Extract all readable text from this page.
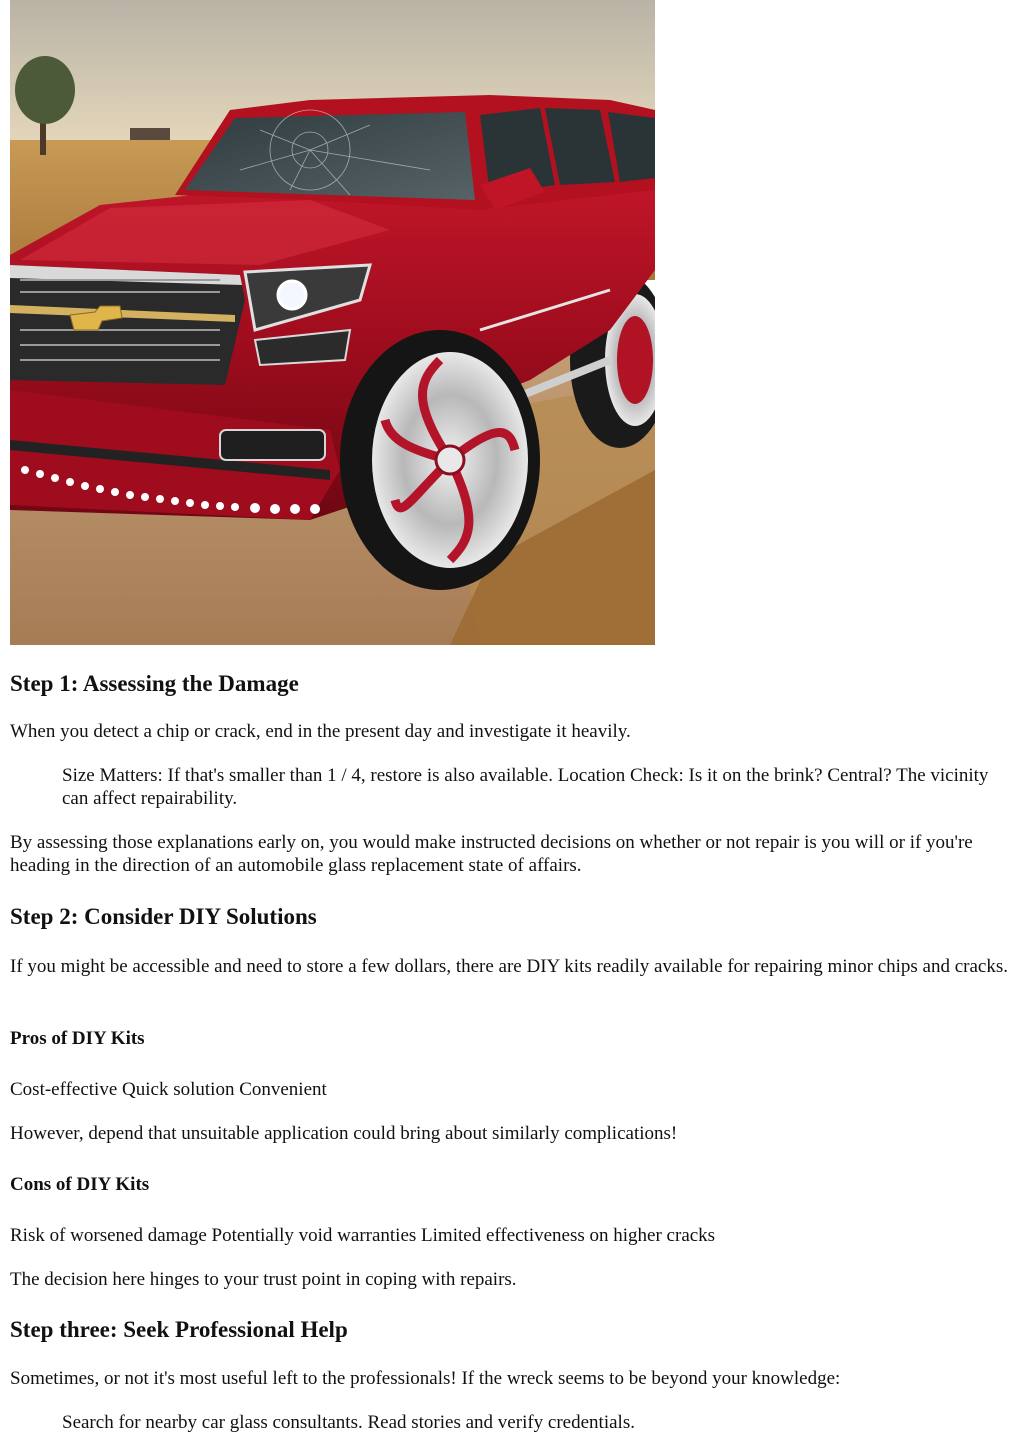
Step 1: Assessing the Damage

When you detect a chip or crack, end in the present day and investigate it heavily.

Size Matters: If that's smaller than 1 / 4, restore is also available. Location Check: Is it on the brink? Central? The vicinity can affect repairability.

By assessing those explanations early on, you would make instructed decisions on whether or not repair is you will or if you're heading in the direction of an automobile glass replacement state of affairs.

Step 2: Consider DIY Solutions

If you might be accessible and need to store a few dollars, there are DIY kits readily available for repairing minor chips and cracks.

Pros of DIY Kits

Cost-effective Quick solution Convenient

However, depend that unsuitable application could bring about similarly complications!

Cons of DIY Kits

Risk of worsened damage Potentially void warranties Limited effectiveness on higher cracks

The decision here hinges to your trust point in coping with repairs.

Step three: Seek Professional Help

Sometimes, or not it's most useful left to the professionals! If the wreck seems to be beyond your knowledge:

Search for nearby car glass consultants. Read stories and verify credentials.
